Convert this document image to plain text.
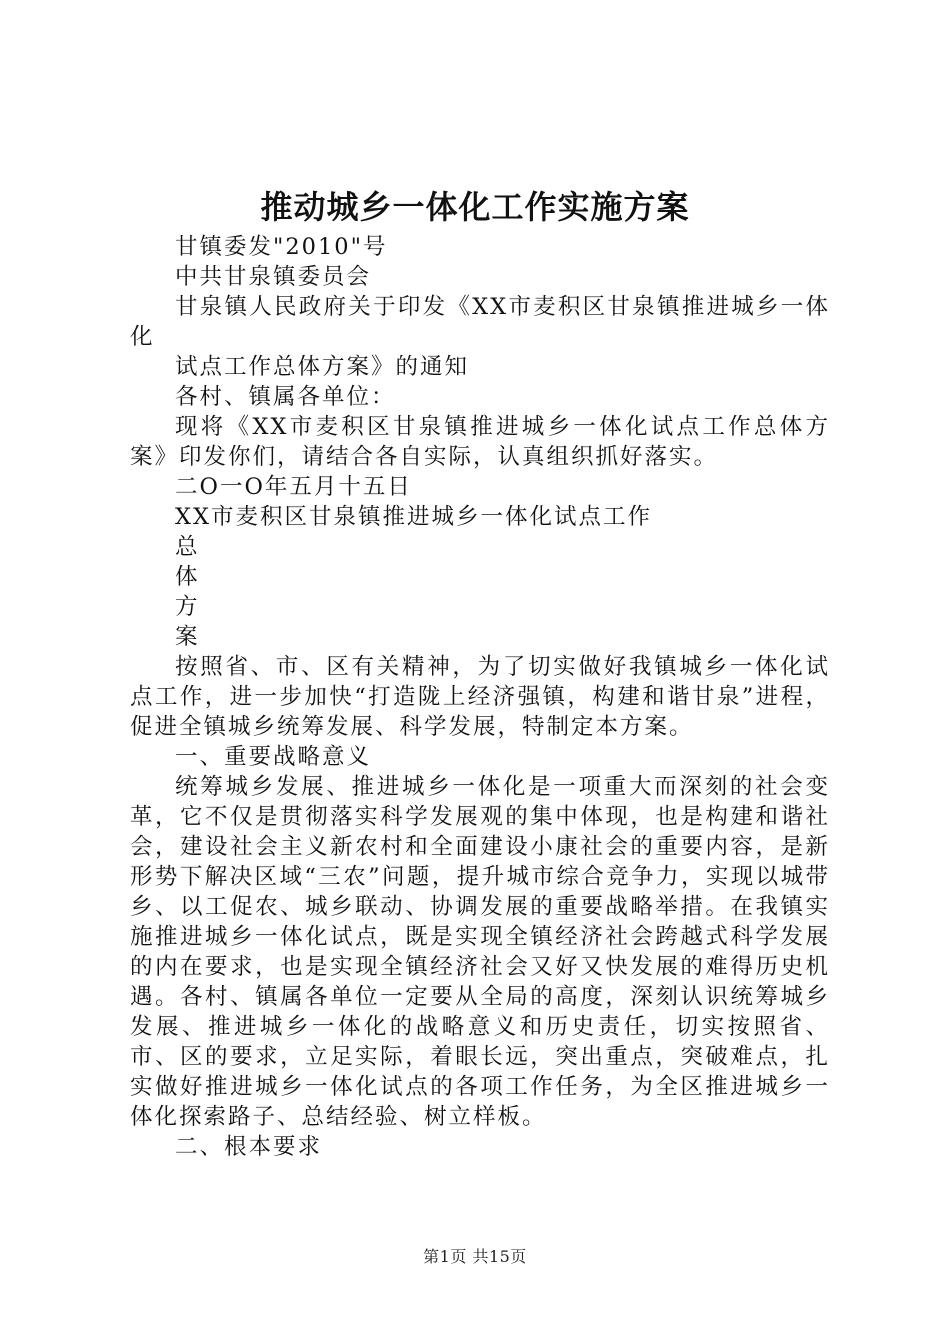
推动城乡一体化工作实施方案

甘镇委发"2010"号

中共甘泉镇委员会

甘泉镇人民政府关于印发《XX市麦积区甘泉镇推进城乡一体化

试点工作总体方案》的通知

各村、镇属各单位：

现将《XX市麦积区甘泉镇推进城乡一体化试点工作总体方案》印发你们，请结合各自实际，认真组织抓好落实。

二O一O年五月十五日

XX市麦积区甘泉镇推进城乡一体化试点工作

总

体

方

案

按照省、市、区有关精神，为了切实做好我镇城乡一体化试点工作，进一步加快“打造陇上经济强镇，构建和谐甘泉”进程，促进全镇城乡统筹发展、科学发展，特制定本方案。

一、重要战略意义

统筹城乡发展、推进城乡一体化是一项重大而深刻的社会变革，它不仅是贯彻落实科学发展观的集中体现，也是构建和谐社会，建设社会主义新农村和全面建设小康社会的重要内容，是新形势下解决区域“三农”问题，提升城市综合竞争力，实现以城带乡、以工促农、城乡联动、协调发展的重要战略举措。在我镇实施推进城乡一体化试点，既是实现全镇经济社会跨越式科学发展的内在要求，也是实现全镇经济社会又好又快发展的难得历史机遇。各村、镇属各单位一定要从全局的高度，深刻认识统筹城乡发展、推进城乡一体化的战略意义和历史责任，切实按照省、市、区的要求，立足实际，着眼长远，突出重点，突破难点，扎实做好推进城乡一体化试点的各项工作任务，为全区推进城乡一体化探索路子、总结经验、树立样板。

二、根本要求

第1页 共15页
